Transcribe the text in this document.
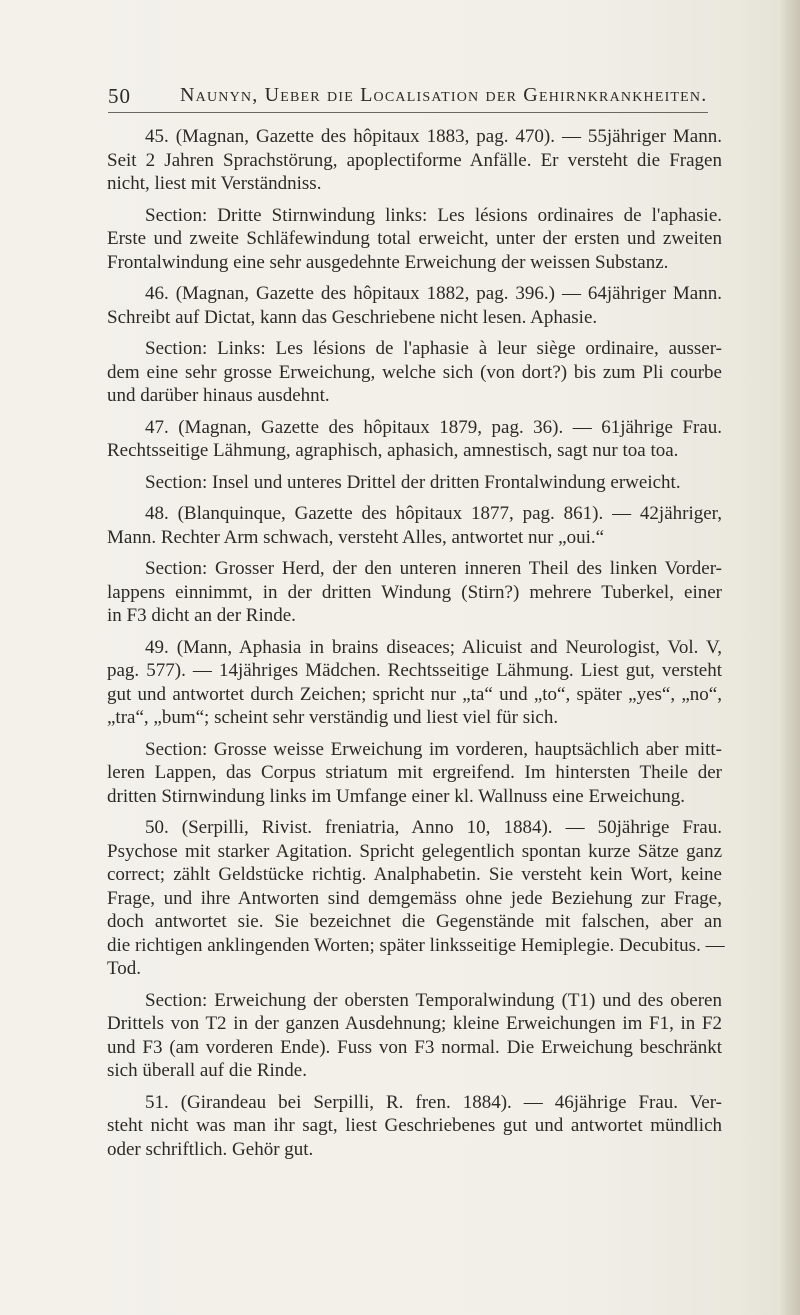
50 Naunyn, Ueber die Localisation der Gehirnkrankheiten.
45. (Magnan, Gazette des hôpitaux 1883, pag. 470). — 55jähriger Mann.
Seit 2 Jahren Sprachstörung, apoplectiforme Anfälle. Er versteht die Fragen
nicht, liest mit Verständniss.
Section: Dritte Stirnwindung links: Les lésions ordinaires de l'aphasie.
Erste und zweite Schläfewindung total erweicht, unter der ersten und zweiten
Frontalwindung eine sehr ausgedehnte Erweichung der weissen Substanz.
46. (Magnan, Gazette des hôpitaux 1882, pag. 396.) — 64jähriger Mann.
Schreibt auf Dictat, kann das Geschriebene nicht lesen. Aphasie.
Section: Links: Les lésions de l'aphasie à leur siège ordinaire, ausser-
dem eine sehr grosse Erweichung, welche sich (von dort?) bis zum Pli courbe
und darüber hinaus ausdehnt.
47. (Magnan, Gazette des hôpitaux 1879, pag. 36). — 61jährige Frau.
Rechtsseitige Lähmung, agraphisch, aphasich, amnestisch, sagt nur toa toa.
Section: Insel und unteres Drittel der dritten Frontalwindung erweicht.
48. (Blanquinque, Gazette des hôpitaux 1877, pag. 861). — 42jähriger,
Mann. Rechter Arm schwach, versteht Alles, antwortet nur „oui.“
Section: Grosser Herd, der den unteren inneren Theil des linken Vorder-
lappens einnimmt, in der dritten Windung (Stirn?) mehrere Tuberkel, einer
in F3 dicht an der Rinde.
49. (Mann, Aphasia in brains diseaces; Alicuist and Neurologist, Vol. V,
pag. 577). — 14jähriges Mädchen. Rechtsseitige Lähmung. Liest gut, versteht
gut und antwortet durch Zeichen; spricht nur „ta“ und „to“, später „yes“, „no“,
„tra“, „bum“; scheint sehr verständig und liest viel für sich.
Section: Grosse weisse Erweichung im vorderen, hauptsächlich aber mitt-
leren Lappen, das Corpus striatum mit ergreifend. Im hintersten Theile der
dritten Stirnwindung links im Umfange einer kl. Wallnuss eine Erweichung.
50. (Serpilli, Rivist. freniatria, Anno 10, 1884). — 50jährige Frau.
Psychose mit starker Agitation. Spricht gelegentlich spontan kurze Sätze ganz
correct; zählt Geldstücke richtig. Analphabetin. Sie versteht kein Wort, keine
Frage, und ihre Antworten sind demgemäss ohne jede Beziehung zur Frage,
doch antwortet sie. Sie bezeichnet die Gegenstände mit falschen, aber an
die richtigen anklingenden Worten; später linksseitige Hemiplegie. Decubitus. —
Tod.
Section: Erweichung der obersten Temporalwindung (T1) und des oberen
Drittels von T2 in der ganzen Ausdehnung; kleine Erweichungen im F1, in F2
und F3 (am vorderen Ende). Fuss von F3 normal. Die Erweichung beschränkt
sich überall auf die Rinde.
51. (Girandeau bei Serpilli, R. fren. 1884). — 46jährige Frau. Ver-
steht nicht was man ihr sagt, liest Geschriebenes gut und antwortet mündlich
oder schriftlich. Gehör gut.
